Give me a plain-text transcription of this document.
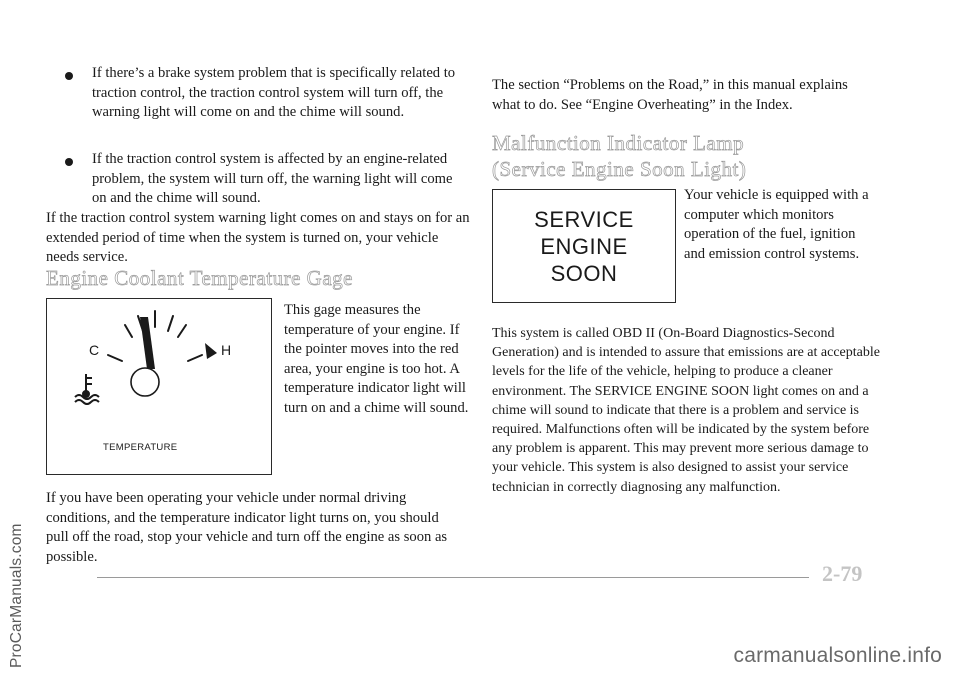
If there’s a brake system problem that is specifically related to traction control, the traction control system will turn off, the warning light will come on and the chime will sound.
If the traction control system is affected by an engine-related problem, the system will turn off, the warning light will come on and the chime will sound.
If the traction control system warning light comes on and stays on for an extended period of time when the system is turned on, your vehicle needs service.
Engine Coolant Temperature Gage
C	H
TEMPERATURE
This gage measures the temperature of your engine. If the pointer moves into the red area, your engine is too hot. A temperature indicator light will turn on and a chime will sound.
If you have been operating your vehicle under normal driving conditions, and the temperature indicator light turns on, you should pull off the road, stop your vehicle and turn off the engine as soon as possible.
The section “Problems on the Road,” in this manual explains what to do. See “Engine Overheating” in the Index.
Malfunction Indicator Lamp
(Service Engine Soon Light)
SERVICE
ENGINE
SOON
Your vehicle is equipped with a computer which monitors operation of the fuel, ignition and emission control systems.
This system is called OBD II (On-Board Diagnostics-Second Generation) and is intended to assure that emissions are at acceptable levels for the life of the vehicle, helping to produce a cleaner environment. The SERVICE ENGINE SOON light comes on and a chime will sound to indicate that there is a problem and service is required. Malfunctions often will be indicated by the system before any problem is apparent. This may prevent more serious damage to your vehicle. This system is also designed to assist your service technician in correctly diagnosing any malfunction.
2-79
ProCarManuals.com	carmanualsonline.info
